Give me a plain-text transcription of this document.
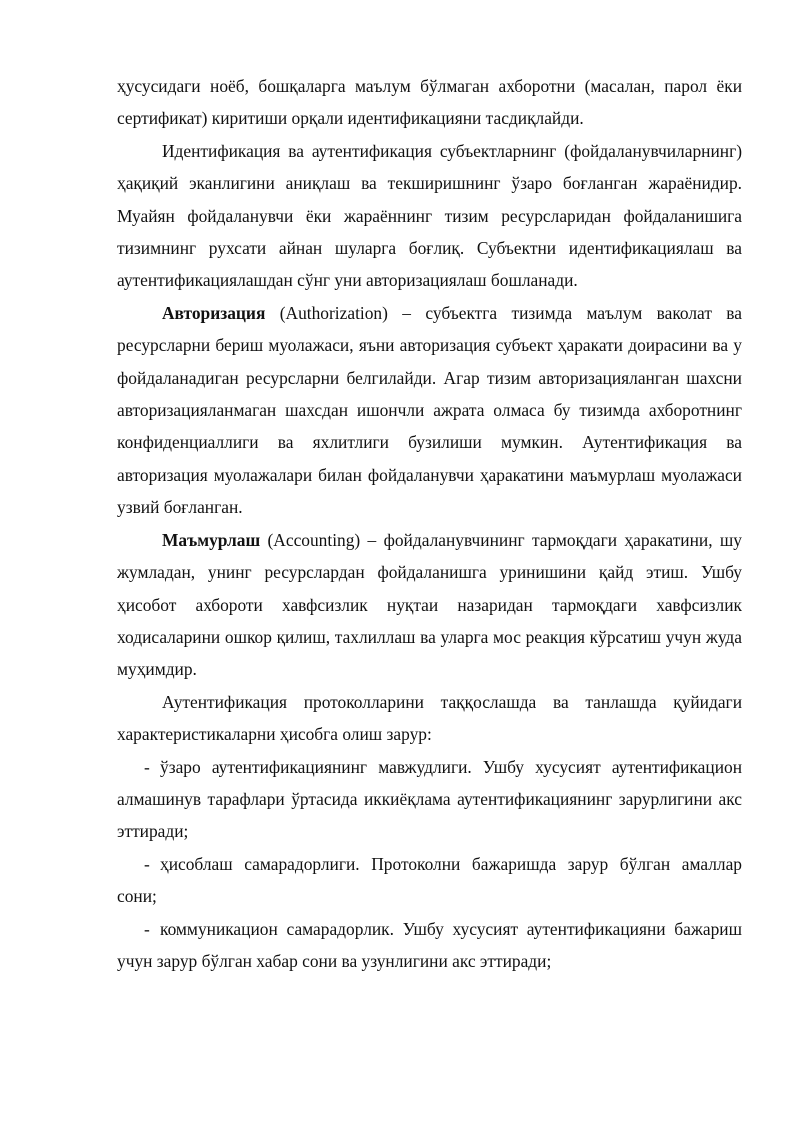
ҳусусидаги ноёб, бошқаларга маълум бўлмаган ахборотни (масалан, парол ёки сертификат) киритиши орқали идентификацияни тасдиқлайди.

Идентификация ва аутентификация субъектларнинг (фойдаланувчиларнинг) ҳақиқий эканлигини аниқлаш ва текширишнинг ўзаро боғланган жараёнидир. Муайян фойдаланувчи ёки жараённинг тизим ресурсларидан фойдаланишига тизимнинг рухсати айнан шуларга боғлиқ. Субъектни идентификациялаш ва аутентификациялашдан сўнг уни авторизациялаш бошланади.

Авторизация (Authorization) – субъектга тизимда маълум ваколат ва ресурсларни бериш муолажаси, яъни авторизация субъект ҳаракати доирасини ва у фойдаланадиган ресурсларни белгилайди. Агар тизим авторизацияланган шахсни авторизацияланмаган шахсдан ишончли ажрата олмаса бу тизимда ахборотнинг конфиденциаллиги ва яхлитлиги бузилиши мумкин. Аутентификация ва авторизация муолажалари билан фойдаланувчи ҳаракатини маъмурлаш муолажаси узвий боғланган.

Маъмурлаш (Accounting) – фойдаланувчининг тармоқдаги ҳаракатини, шу жумладан, унинг ресурслардан фойдаланишга уринишини қайд этиш. Ушбу ҳисобот ахбороти хавфсизлик нуқтаи назаридан тармоқдаги хавфсизлик ходисаларини ошкор қилиш, тахлиллаш ва уларга мос реакция кўрсатиш учун жуда муҳимдир.

Аутентификация протоколларини таққослашда ва танлашда қуйидаги характеристикаларни ҳисобга олиш зарур:

- ўзаро аутентификациянинг мавжудлиги. Ушбу хусусият аутентификацион алмашинув тарафлари ўртасида иккиёқлама аутентификациянинг зарурлигини акс эттиради;

- ҳисоблаш самарадорлиги. Протоколни бажаришда зарур бўлган амаллар сони;

- коммуникацион самарадорлик. Ушбу хусусият аутентификацияни бажариш учун зарур бўлган хабар сони ва узунлигини акс эттиради;
